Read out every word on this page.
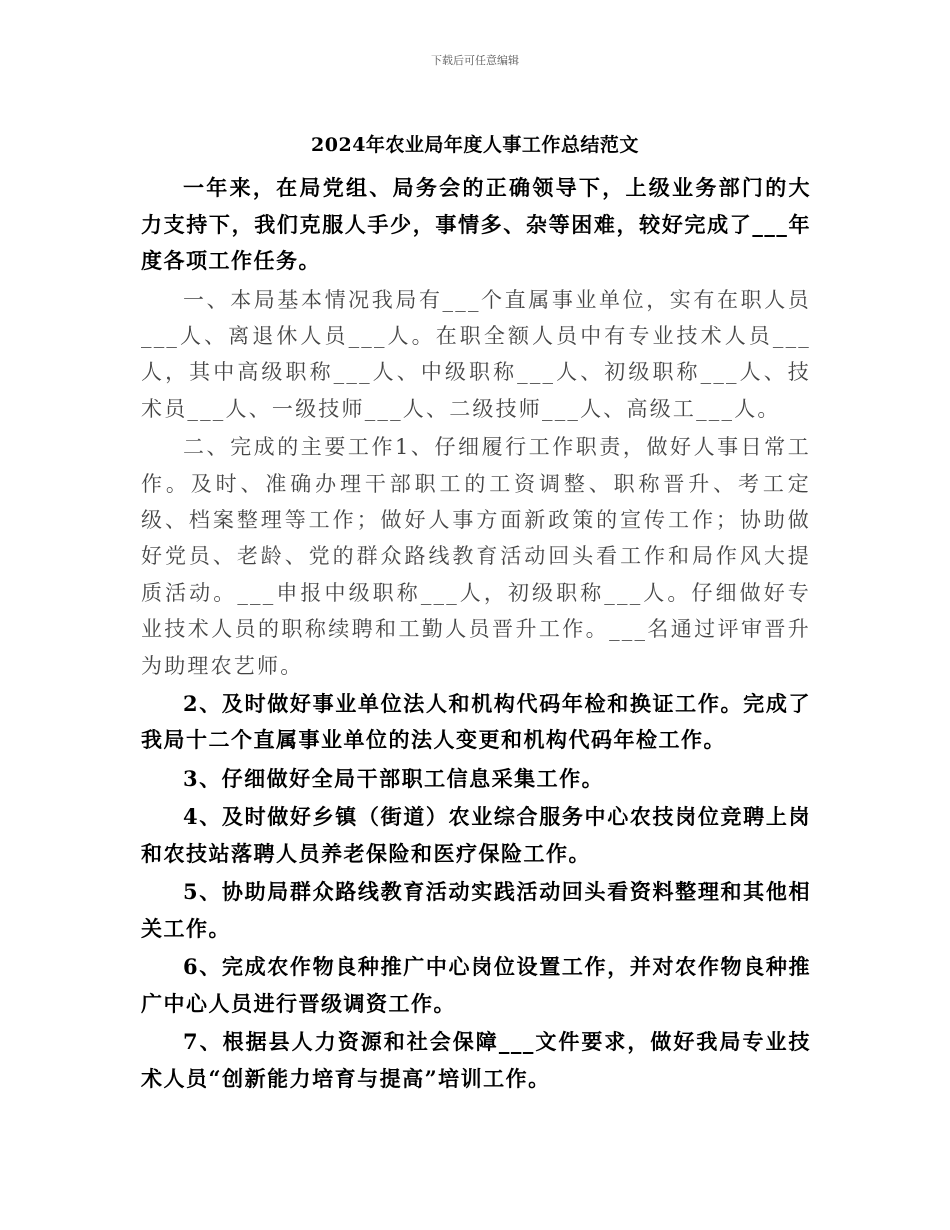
下载后可任意编辑
2024年农业局年度人事工作总结范文

一年来，在局党组、局务会的正确领导下，上级业务部门的大力支持下，我们克服人手少，事情多、杂等困难，较好完成了___年度各项工作任务。

一、本局基本情况我局有___个直属事业单位，实有在职人员___人、离退休人员___人。在职全额人员中有专业技术人员___人，其中高级职称___人、中级职称___人、初级职称___人、技术员___人、一级技师___人、二级技师___人、高级工___人。

二、完成的主要工作1、仔细履行工作职责，做好人事日常工作。及时、准确办理干部职工的工资调整、职称晋升、考工定级、档案整理等工作；做好人事方面新政策的宣传工作；协助做好党员、老龄、党的群众路线教育活动回头看工作和局作风大提质活动。___申报中级职称___人，初级职称___人。仔细做好专业技术人员的职称续聘和工勤人员晋升工作。___名通过评审晋升为助理农艺师。

2、及时做好事业单位法人和机构代码年检和换证工作。完成了我局十二个直属事业单位的法人变更和机构代码年检工作。

3、仔细做好全局干部职工信息采集工作。

4、及时做好乡镇（街道）农业综合服务中心农技岗位竞聘上岗和农技站落聘人员养老保险和医疗保险工作。

5、协助局群众路线教育活动实践活动回头看资料整理和其他相关工作。

6、完成农作物良种推广中心岗位设置工作，并对农作物良种推广中心人员进行晋级调资工作。

7、根据县人力资源和社会保障___文件要求，做好我局专业技术人员“创新能力培育与提高”培训工作。
